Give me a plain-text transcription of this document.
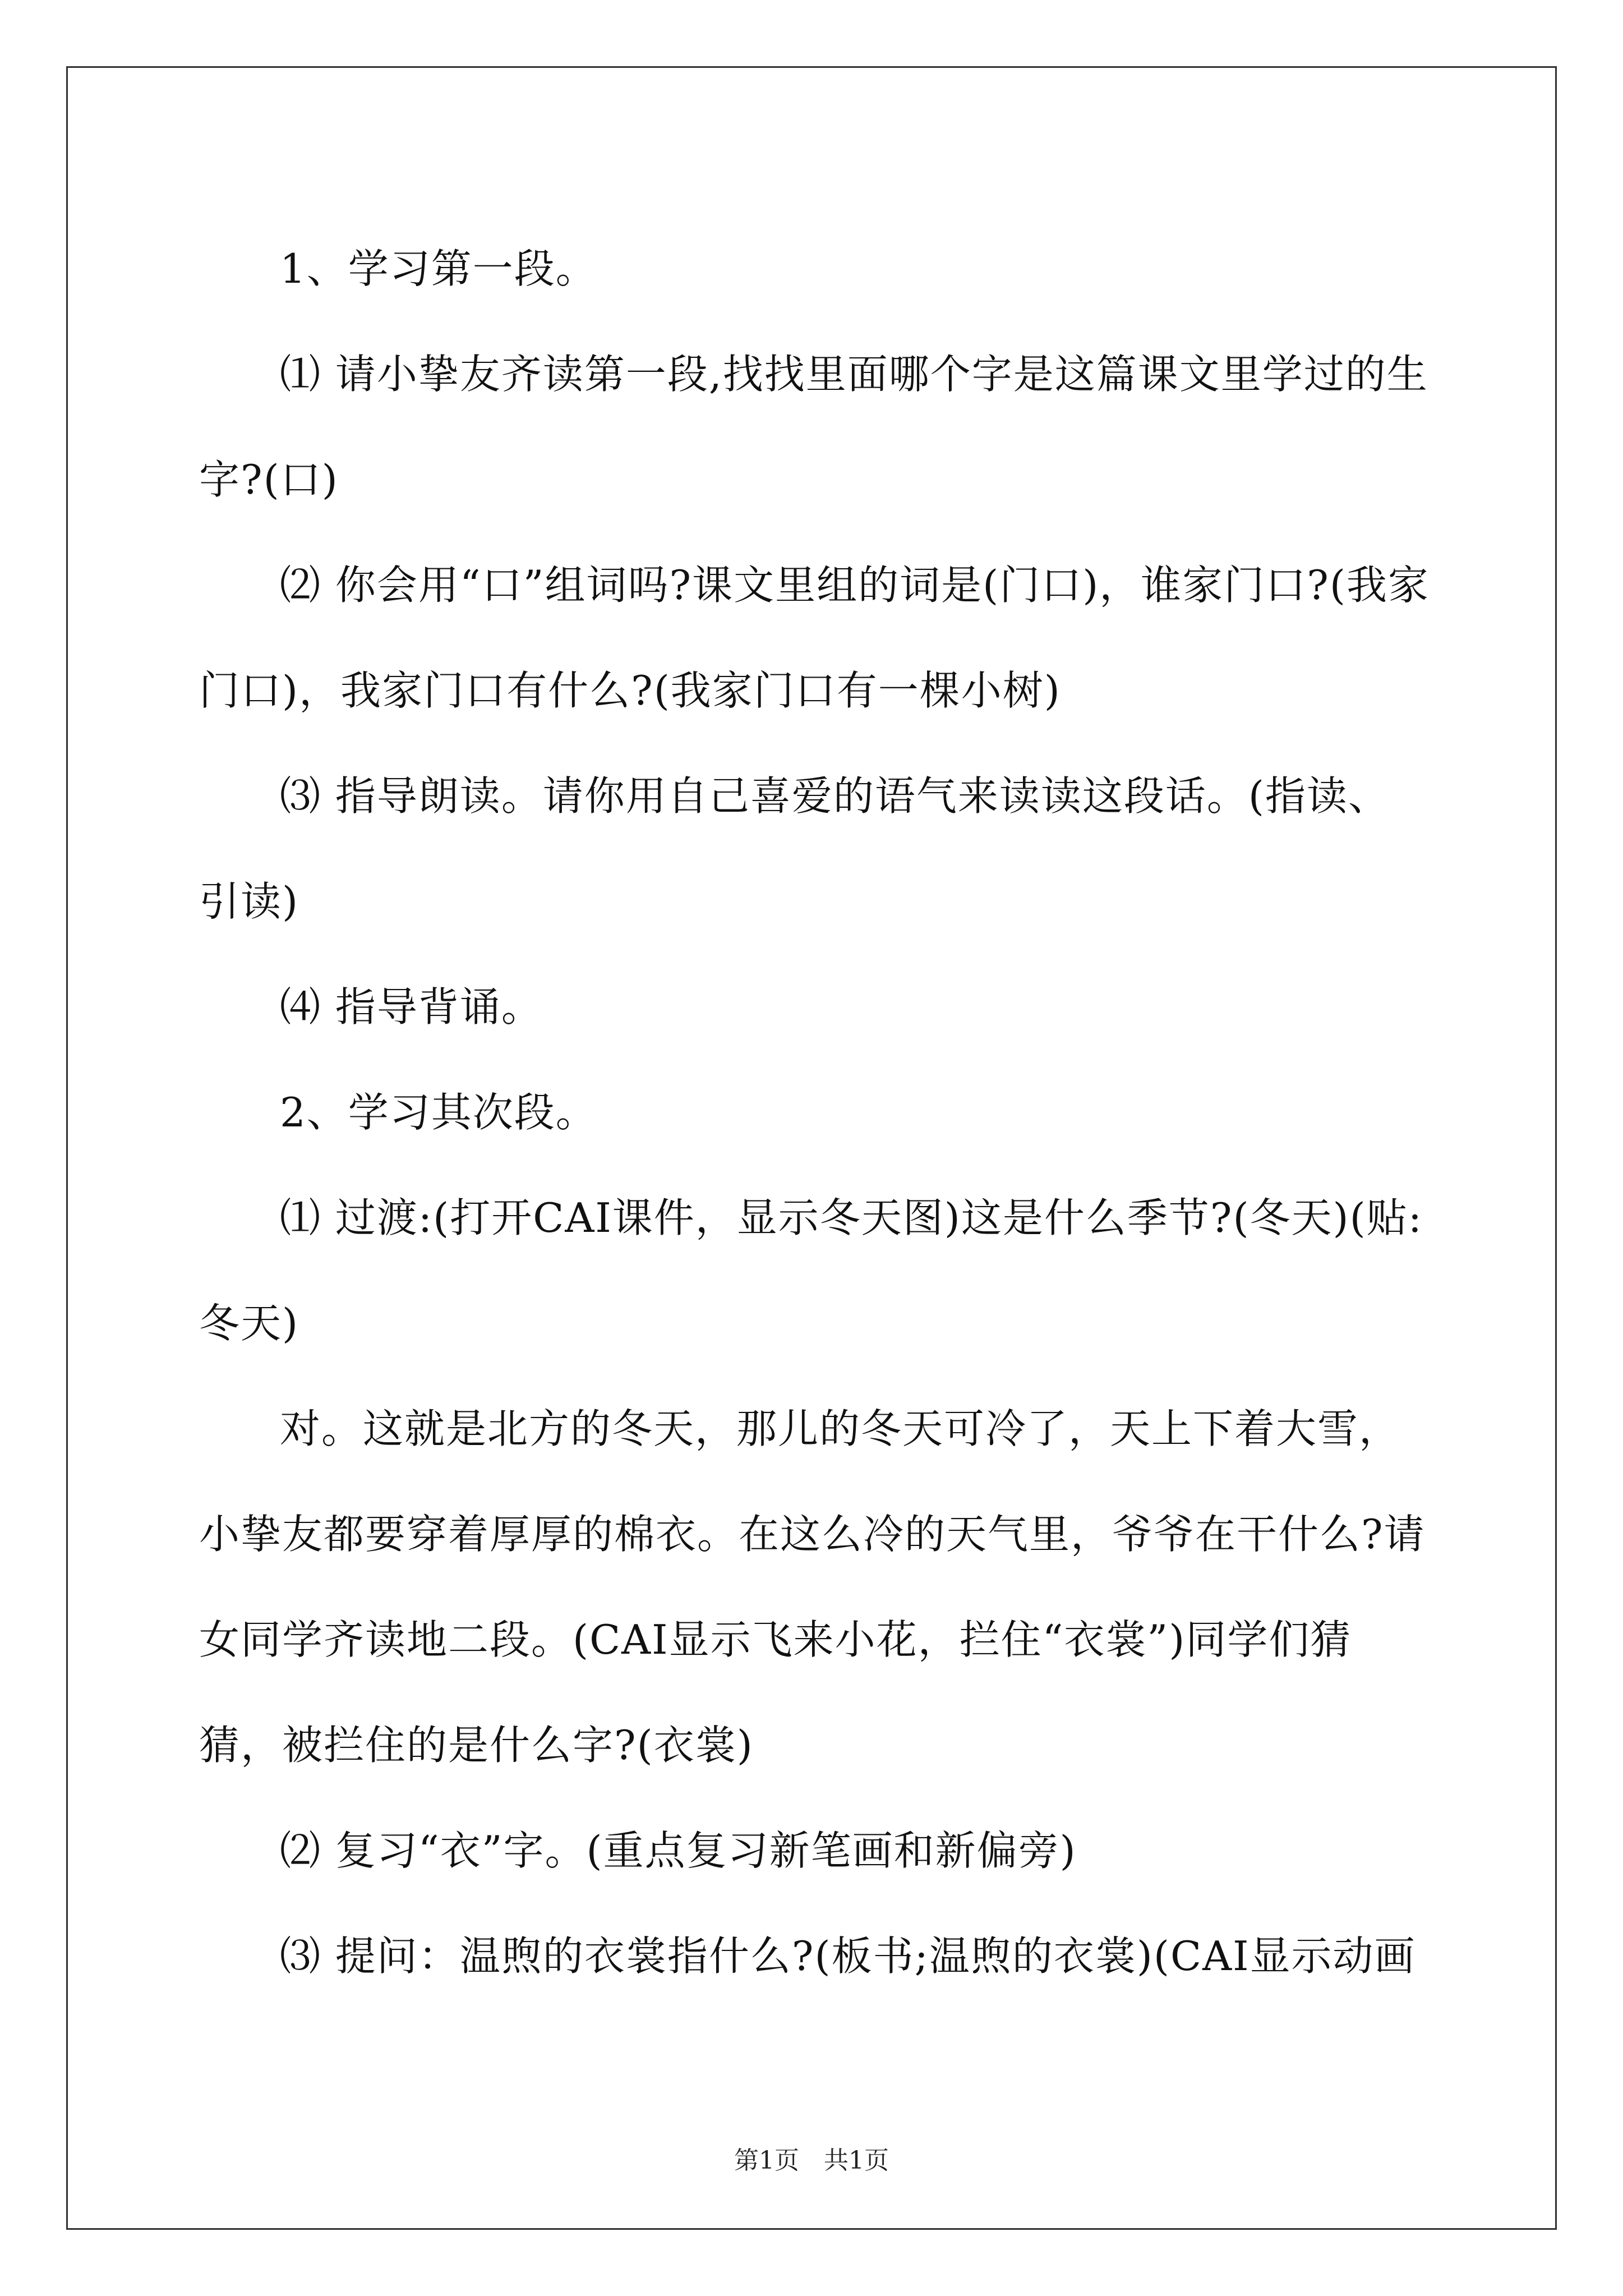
1、学习第一段。

⑴ 请小挚友齐读第一段,找找里面哪个字是这篇课文里学过的生字?(口)

⑵ 你会用“口”组词吗?课文里组的词是(门口)，谁家门口?(我家门口)，我家门口有什么?(我家门口有一棵小树)

⑶ 指导朗读。请你用自己喜爱的语气来读读这段话。(指读、引读)

⑷ 指导背诵。

2、学习其次段。

⑴ 过渡:(打开CAI课件，显示冬天图)这是什么季节?(冬天)(贴:冬天)

对。这就是北方的冬天，那儿的冬天可冷了，天上下着大雪，小挚友都要穿着厚厚的棉衣。在这么冷的天气里，爷爷在干什么?请女同学齐读地二段。(CAI显示飞来小花，拦住“衣裳”)同学们猜猜，被拦住的是什么字?(衣裳)

⑵ 复习“衣”字。(重点复习新笔画和新偏旁)

⑶ 提问：温煦的衣裳指什么?(板书;温煦的衣裳)(CAI显示动画

第1页　共1页
